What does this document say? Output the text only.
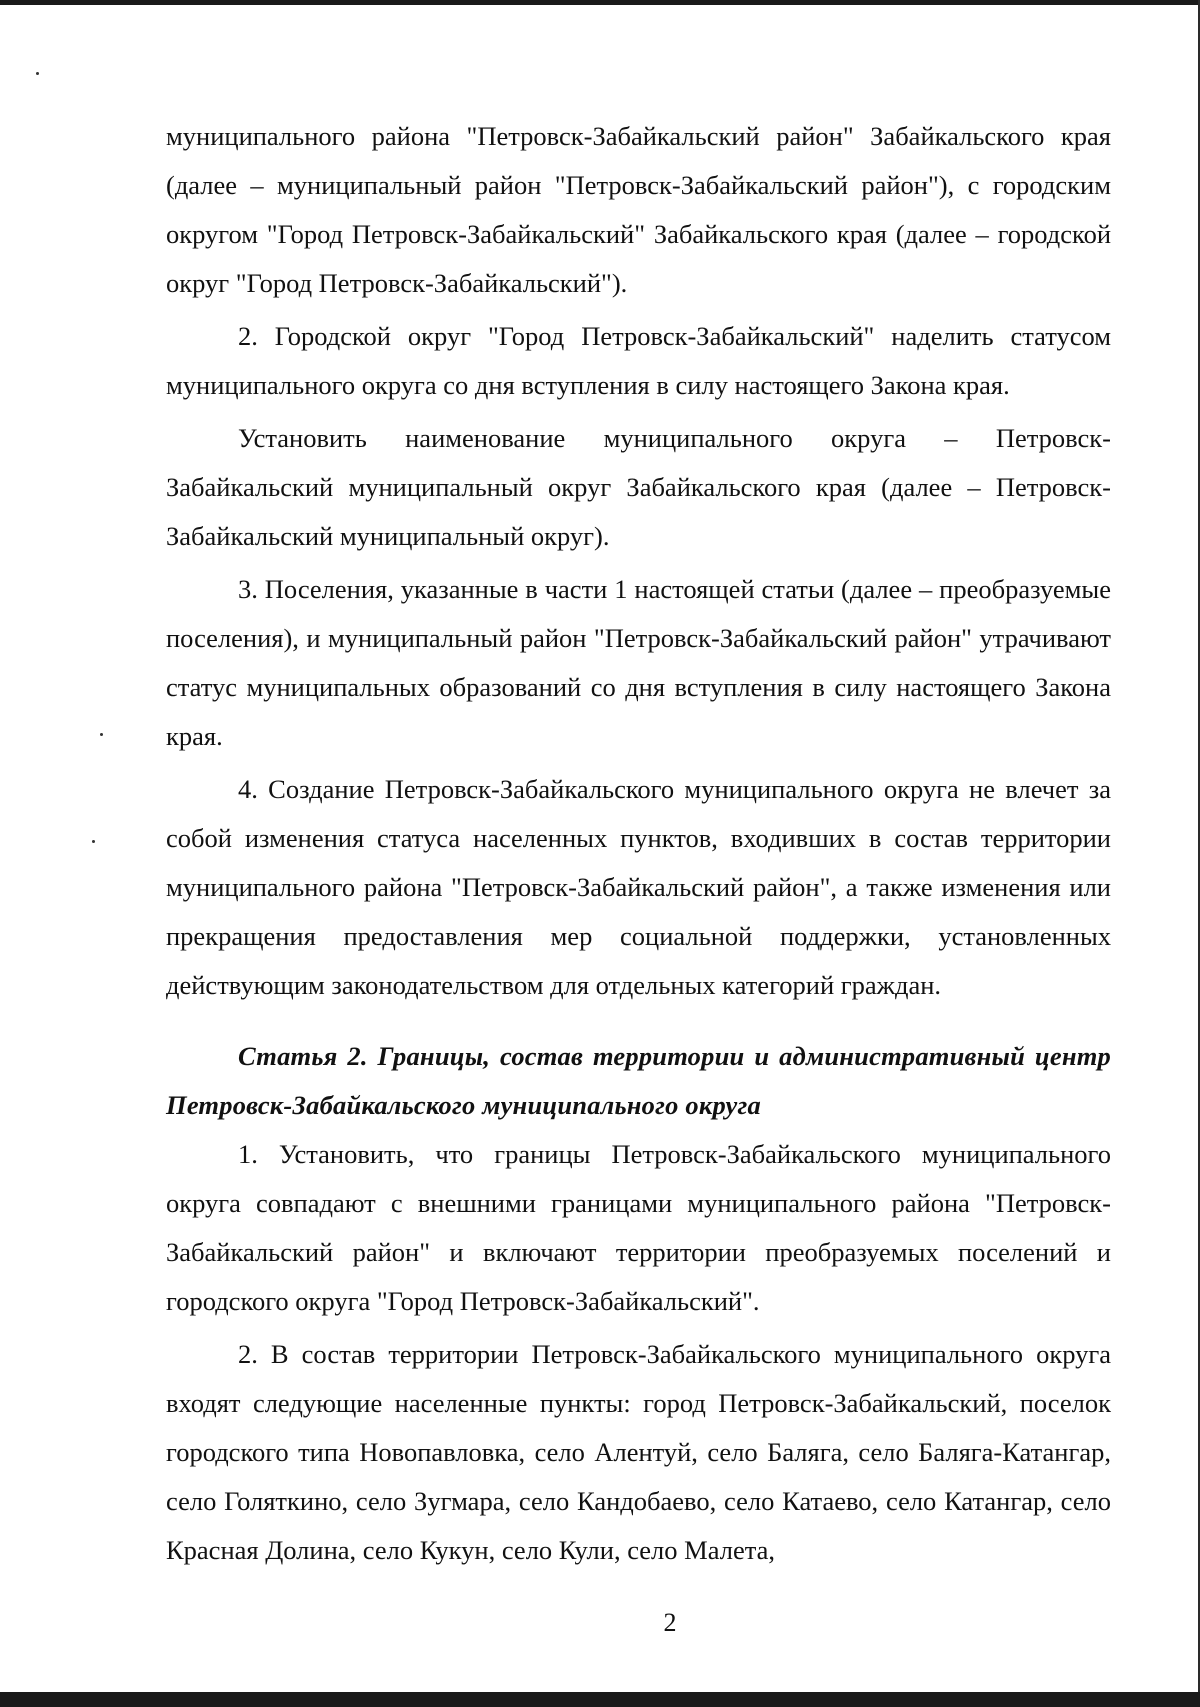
муниципального района "Петровск-Забайкальский район" Забайкальского края (далее – муниципальный район "Петровск-Забайкальский район"), с городским округом "Город Петровск-Забайкальский" Забайкальского края (далее – городской округ "Город Петровск-Забайкальский").

2. Городской округ "Город Петровск-Забайкальский" наделить статусом муниципального округа со дня вступления в силу настоящего Закона края.

Установить наименование муниципального округа – Петровск-Забайкальский муниципальный округ Забайкальского края (далее – Петровск-Забайкальский муниципальный округ).

3. Поселения, указанные в части 1 настоящей статьи (далее – преобразуемые поселения), и муниципальный район "Петровск-Забайкальский район" утрачивают статус муниципальных образований со дня вступления в силу настоящего Закона края.

4. Создание Петровск-Забайкальского муниципального округа не влечет за собой изменения статуса населенных пунктов, входивших в состав территории муниципального района "Петровск-Забайкальский район", а также изменения или прекращения предоставления мер социальной поддержки, установленных действующим законодательством для отдельных категорий граждан.

Статья 2. Границы, состав территории и административный центр Петровск-Забайкальского муниципального округа

1. Установить, что границы Петровск-Забайкальского муниципального округа совпадают с внешними границами муниципального района "Петровск-Забайкальский район" и включают территории преобразуемых поселений и городского округа "Город Петровск-Забайкальский".

2. В состав территории Петровск-Забайкальского муниципального округа входят следующие населенные пункты: город Петровск-Забайкальский, поселок городского типа Новопавловка, село Алентуй, село Баляга, село Баляга-Катангар, село Голяткино, село Зугмара, село Кандобаево, село Катаево, село Катангар, село Красная Долина, село Кукун, село Кули, село Малета,

2
